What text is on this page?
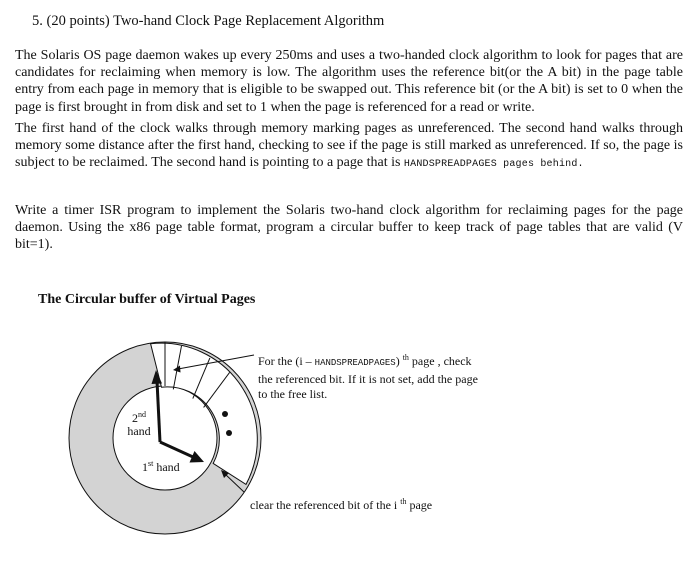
5. (20 points) Two-hand Clock Page Replacement Algorithm

The Solaris OS page daemon wakes up every 250ms and uses a two-handed clock algorithm to look for pages that are candidates for reclaiming when memory is low. The algorithm uses the reference bit(or the A bit) in the page table entry from each page in memory that is eligible to be swapped out. This reference bit (or the A bit) is set to 0 when the page is first brought in from disk and set to 1 when the page is referenced for a read or write.

The first hand of the clock walks through memory marking pages as unreferenced. The second hand walks through memory some distance after the first hand, checking to see if the page is still marked as unreferenced. If so, the page is subject to be reclaimed. The second hand is pointing to a page that is HANDSPREADPAGES pages behind.

Write a timer ISR program to implement the Solaris two-hand clock algorithm for reclaiming pages for the page daemon. Using the x86 page table format, program a circular buffer to keep track of page tables that are valid (V bit=1).

The Circular buffer of Virtual Pages
2nd
hand
1st hand
For the (i – HANDSPREADPAGES) $^{th}$ page , check the referenced bit. If it is not set, add the page to the free list.
clear the referenced bit of the i $^{th}$ page
